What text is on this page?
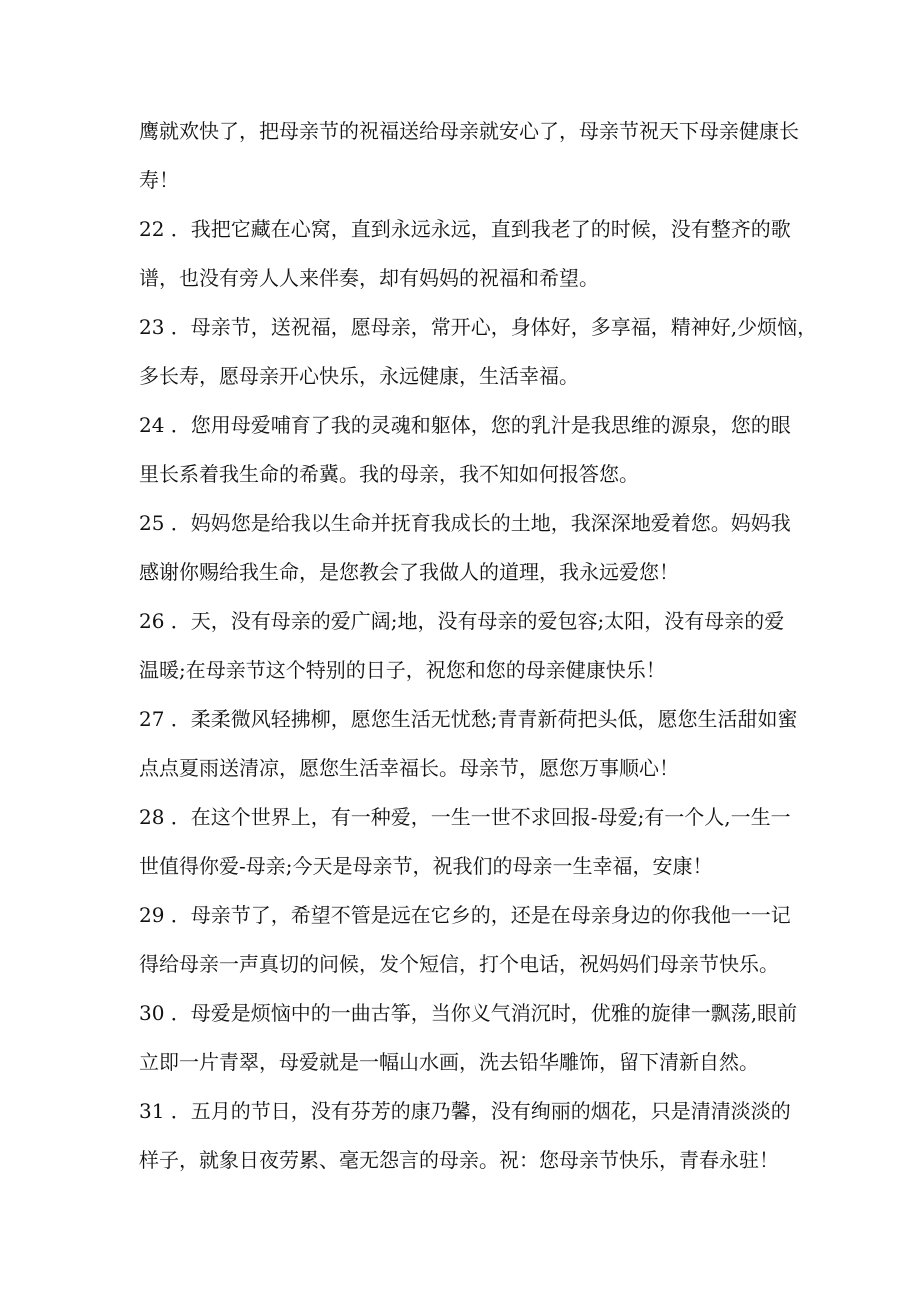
鹰就欢快了，把母亲节的祝福送给母亲就安心了，母亲节祝天下母亲健康长
寿！
22 ．我把它藏在心窝，直到永远永远，直到我老了的时候，没有整齐的歌
谱，也没有旁人人来伴奏，却有妈妈的祝福和希望。
23 ．母亲节，送祝福，愿母亲，常开心，身体好，多享福，精神好,少烦恼，
多长寿，愿母亲开心快乐，永远健康，生活幸福。
24 ．您用母爱哺育了我的灵魂和躯体，您的乳汁是我思维的源泉，您的眼
里长系着我生命的希冀。我的母亲，我不知如何报答您。
25 ．妈妈您是给我以生命并抚育我成长的土地，我深深地爱着您。妈妈我
感谢你赐给我生命，是您教会了我做人的道理，我永远爱您！
26 ．天，没有母亲的爱广阔;地，没有母亲的爱包容;太阳，没有母亲的爱
温暖;在母亲节这个特别的日子，祝您和您的母亲健康快乐！
27 ．柔柔微风轻拂柳，愿您生活无忧愁;青青新荷把头低，愿您生活甜如蜜
点点夏雨送清凉，愿您生活幸福长。母亲节，愿您万事顺心！
28 ．在这个世界上，有一种爱，一生一世不求回报-母爱;有一个人,一生一
世值得你爱-母亲;今天是母亲节，祝我们的母亲一生幸福，安康！
29 ．母亲节了，希望不管是远在它乡的，还是在母亲身边的你我他一一记
得给母亲一声真切的问候，发个短信，打个电话，祝妈妈们母亲节快乐。
30 ．母爱是烦恼中的一曲古筝，当你义气消沉时，优雅的旋律一飘荡,眼前
立即一片青翠，母爱就是一幅山水画，洗去铅华雕饰，留下清新自然。
31 ．五月的节日，没有芬芳的康乃馨，没有绚丽的烟花，只是清清淡淡的
样子，就象日夜劳累、毫无怨言的母亲。祝：您母亲节快乐，青春永驻！
